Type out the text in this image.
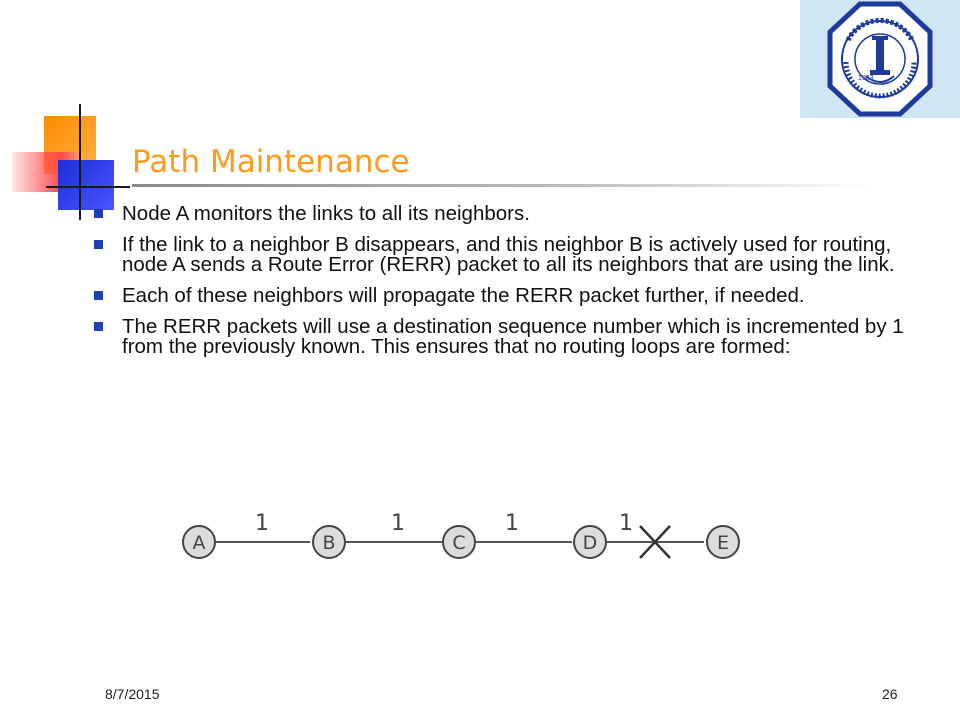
1963
Path Maintenance
Node A monitors the links to all its neighbors.
If the link to a neighbor B disappears, and this neighbor B is actively used for routing, node A sends a Route Error (RERR) packet to all its neighbors that are using the link.
Each of these neighbors will propagate the RERR packet further, if needed.
The RERR packets will use a destination sequence number which is incremented by 1 from the previously known. This ensures that no routing loops are formed:
1	1	1	1
A	B	C	D	E
8/7/2015	26
